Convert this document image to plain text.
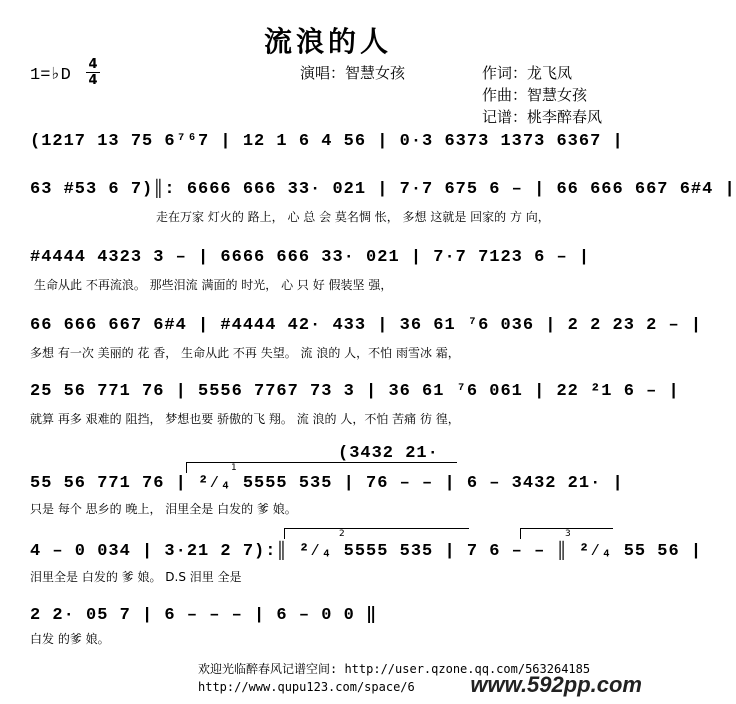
流浪的人
1=♭D
4
4	演唱：智慧女孩	作词：龙飞凤
作曲：智慧女孩
记谱：桃李醉春风
(1217 13 75 6⁷⁶7 | 12 1 6 4 56 | 0·3 6373 1373 6367 |
63 #53 6 7)║: 6666 666 33· 021 | 7·7 675 6 – | 66 666 667 6#4 |
走在万家 灯火的 路上， 心 总 会 莫名惆 怅， 多想 这就是 回家的 方 向，
#4444 4323 3 – | 6666 666 33· 021 | 7·7 7123 6 – |
生命从此 不再流浪。 那些泪流 满面的 时光， 心 只 好 假装坚 强，
66 666 667 6#4 | #4444 42· 433 | 36 61 ⁷6 036 | 2 2 23 2 – |
多想 有一次 美丽的 花 香， 生命从此 不再 失望。 流 浪的 人，不怕 雨雪冰 霜，
25 56 771 76 | 5556 7767 73 3 | 36 61 ⁷6 061 | 22 ²1 6 – |
就算 再多 艰难的 阻挡， 梦想也要 骄傲的飞 翔。 流 浪的 人，不怕 苦痛 彷 徨，
(3432 21·
1
55 56 771 76 | ²⁄₄ 5555 535 | 76 – – | 6 – 3432 21· |
只是 每个 思乡的 晚上， 泪里全是 白发的 爹 娘。
2	3
4 – 0 034 | 3·21 2 7):║ ²⁄₄ 5555 535 | 7 6 – – ║ ²⁄₄ 55 56 |
泪里全是 白发的 爹 娘。 D.S 泪里 全是
2 2· 05 7 | 6 – – – | 6 – 0 0 ‖
白发 的爹 娘。
欢迎光临醉春风记谱空间: http://user.qzone.qq.com/563264185
http://www.qupu123.com/space/6	www.592pp.com
